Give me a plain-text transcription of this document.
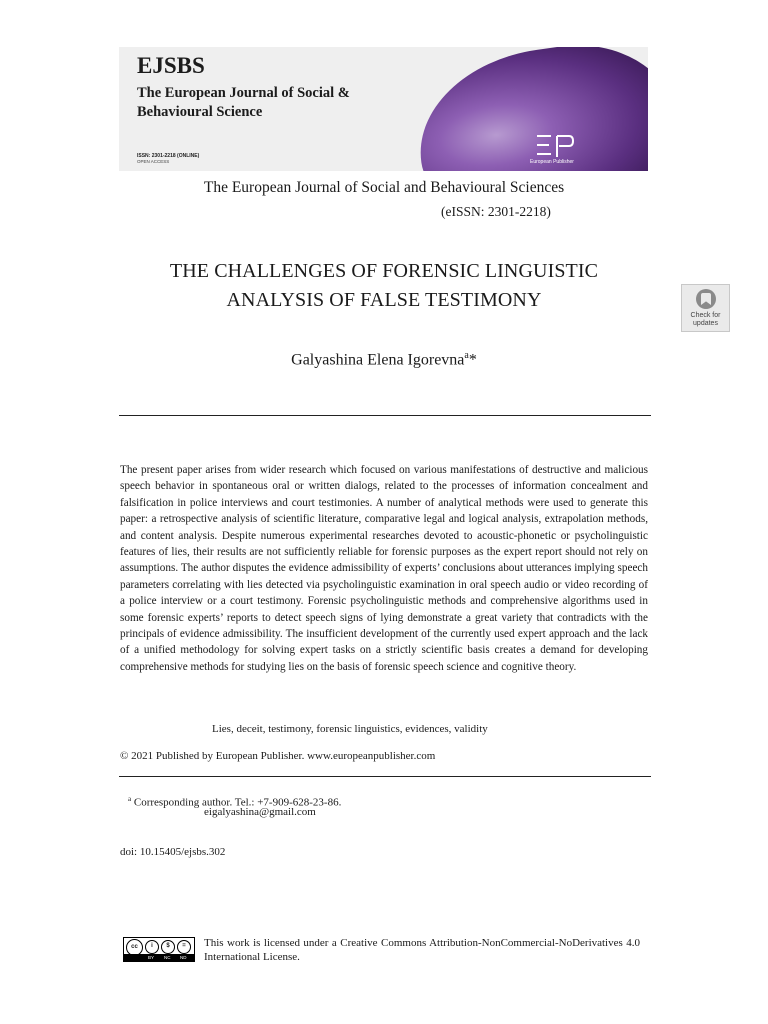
EJSBS
The European Journal of Social & Behavioural Science
ISSN: 2301-2218 (ONLINE)
OPEN ACCESS	European Publisher
The European Journal of Social and Behavioural Sciences
(eISSN: 2301-2218)
THE CHALLENGES OF FORENSIC LINGUISTIC
ANALYSIS OF FALSE TESTIMONY
Check for updates
Galyashina Elena Igorevna$^a$*
The present paper arises from wider research which focused on various manifestations of destructive and malicious speech behavior in spontaneous oral or written dialogs, related to the processes of information concealment and falsification in police interviews and court testimonies. A number of analytical methods were used to generate this paper: a retrospective analysis of scientific literature, comparative legal and logical analysis, extrapolation methods, and content analysis. Despite numerous experimental researches devoted to acoustic-phonetic or psycholinguistic features of lies, their results are not sufficiently reliable for forensic purposes as the expert report should not rely on assumptions. The author disputes the evidence admissibility of experts’ conclusions about utterances implying speech parameters correlating with lies detected via psycholinguistic examination in oral speech audio or video recording of a police interview or a court testimony. Forensic psycholinguistic methods and comprehensive algorithms used in some forensic experts’ reports to detect speech signs of lying demonstrate a great variety that contradicts with the principals of evidence admissibility. The insufficient development of the currently used expert approach and the lack of a unified methodology for solving expert tasks on a strictly scientific basis creates a demand for developing comprehensive methods for studying lies on the basis of forensic speech science and cognitive theory.
Lies, deceit, testimony, forensic linguistics, evidences, validity
© 2021 Published by European Publisher. www.europeanpublisher.com
$^a$ Corresponding author. Tel.: +7-909-628-23-86.
eigalyashina@gmail.com
doi: 10.15405/ejsbs.302
cc	i	$	=
BY NC ND
This work is licensed under a Creative Commons Attribution-NonCommercial-NoDerivatives 4.0 International License.
